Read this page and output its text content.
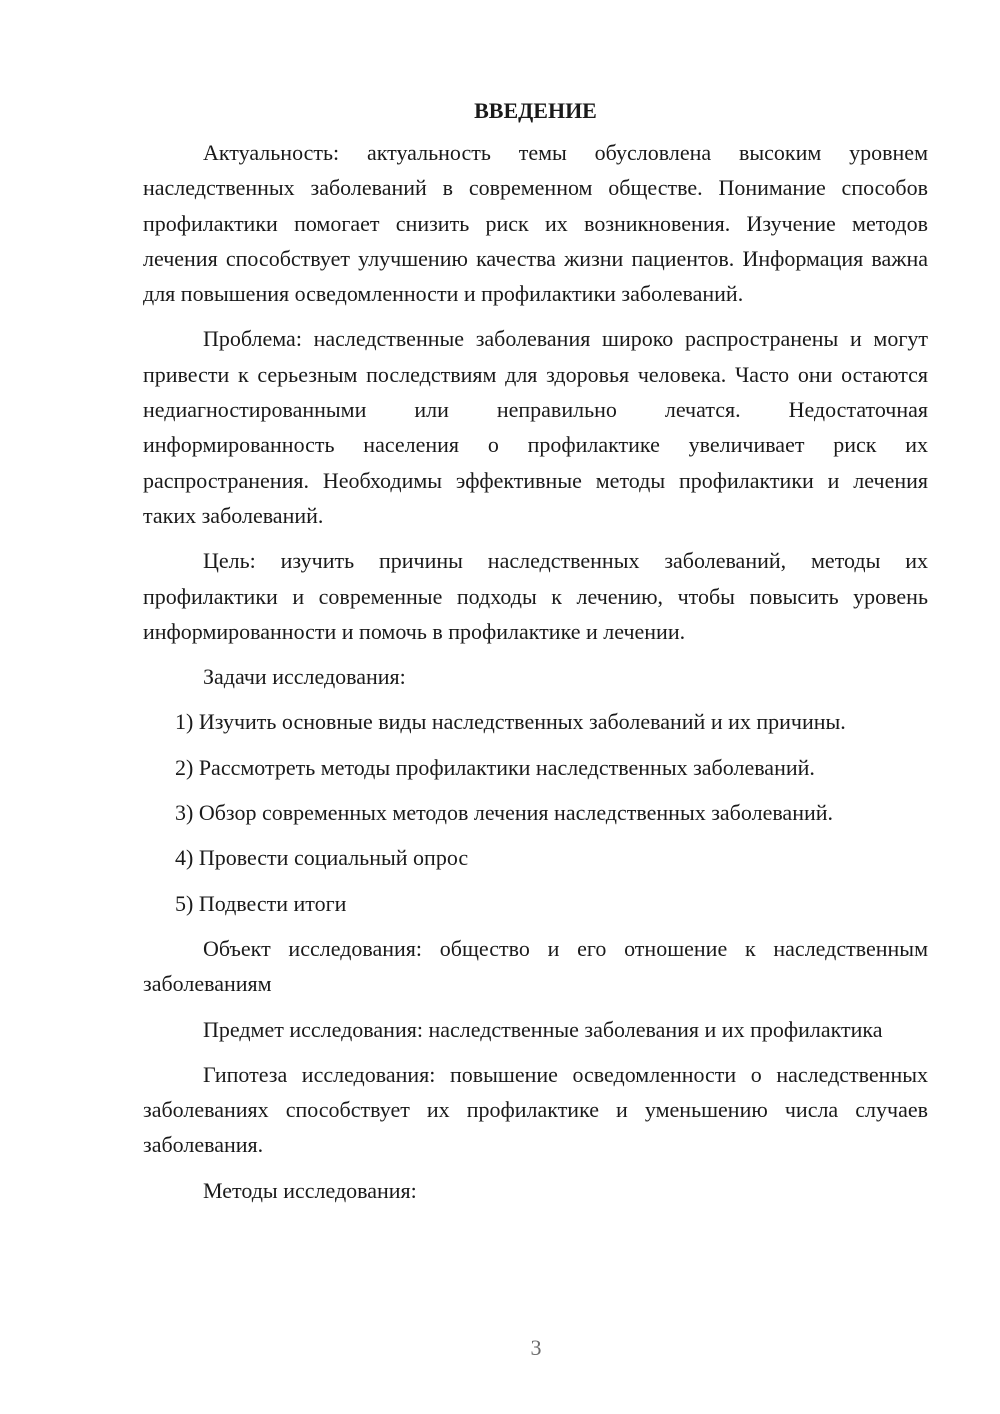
ВВЕДЕНИЕ

Актуальность: актуальность темы обусловлена высоким уровнем наследственных заболеваний в современном обществе. Понимание способов профилактики помогает снизить риск их возникновения. Изучение методов лечения способствует улучшению качества жизни пациентов. Информация важна для повышения осведомленности и профилактики заболеваний.

Проблема: наследственные заболевания широко распространены и могут привести к серьезным последствиям для здоровья человека. Часто они остаются недиагностированными или неправильно лечатся. Недостаточная информированность населения о профилактике увеличивает риск их распространения. Необходимы эффективные методы профилактики и лечения таких заболеваний.

Цель: изучить причины наследственных заболеваний, методы их профилактики и современные подходы к лечению, чтобы повысить уровень информированности и помочь в профилактике и лечении.

Задачи исследования:

1) Изучить основные виды наследственных заболеваний и их причины.
2) Рассмотреть методы профилактики наследственных заболеваний.
3) Обзор современных методов лечения наследственных заболеваний.
4) Провести социальный опрос
5) Подвести итоги

Объект исследования: общество и его отношение к наследственным заболеваниям

Предмет исследования: наследственные заболевания и их профилактика

Гипотеза исследования: повышение осведомленности о наследственных заболеваниях способствует их профилактике и уменьшению числа случаев заболевания.

Методы исследования:

3
